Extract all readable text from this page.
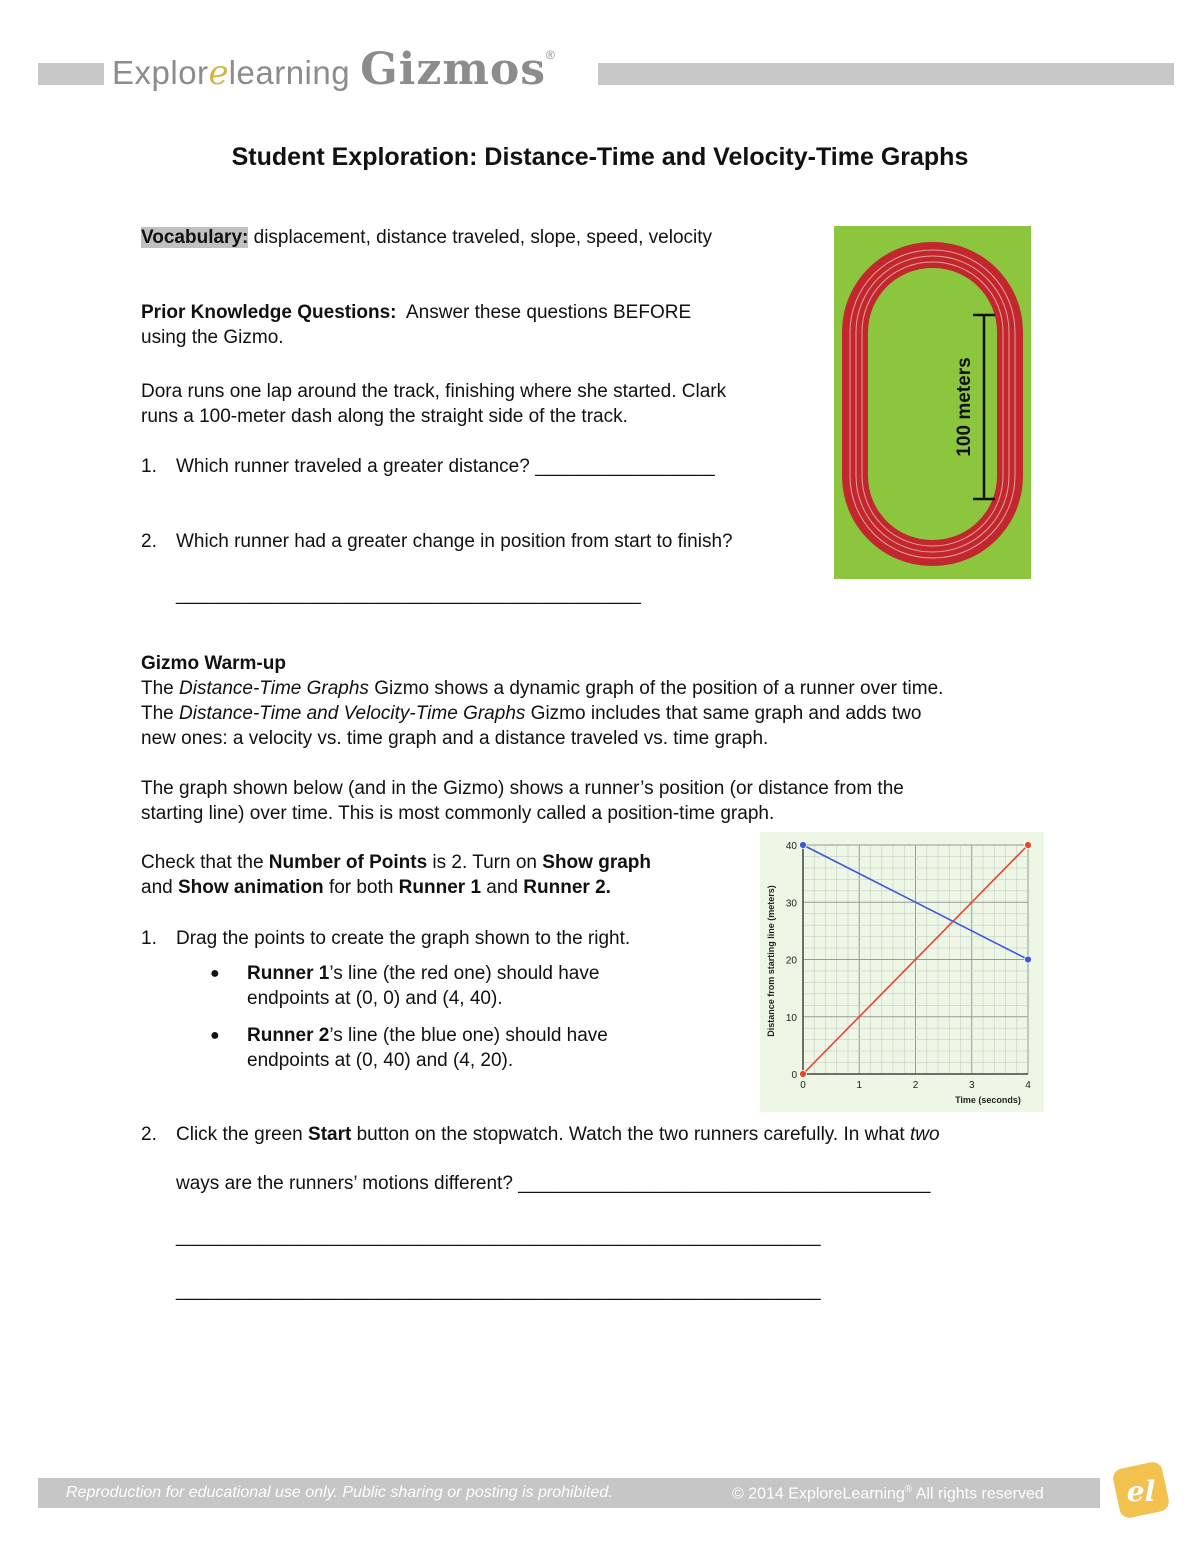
Explor e learning Gizmos ®
Student Exploration: Distance-Time and Velocity-Time Graphs
Vocabulary: displacement, distance traveled, slope, speed, velocity
Prior Knowledge Questions: Answer these questions BEFORE
using the Gizmo.
Dora runs one lap around the track, finishing where she started. Clark
runs a 100-meter dash along the straight side of the track.
1.	Which runner traveled a greater distance? _________________
2.	Which runner had a greater change in position from start to finish?
____________________________________________
100 meters
Gizmo Warm-up
The Distance-Time Graphs Gizmo shows a dynamic graph of the position of a runner over time.
The Distance-Time and Velocity-Time Graphs Gizmo includes that same graph and adds two
new ones: a velocity vs. time graph and a distance traveled vs. time graph.
The graph shown below (and in the Gizmo) shows a runner’s position (or distance from the
starting line) over time. This is most commonly called a position-time graph.
Check that the Number of Points is 2. Turn on Show graph
and Show animation for both Runner 1 and Runner 2.
1.	Drag the points to create the graph shown to the right.
● Runner 1’s line (the red one) should have
endpoints at (0, 0) and (4, 40).
● Runner 2’s line (the blue one) should have
endpoints at (0, 40) and (4, 20).
0	1	2	3	4
0
10
20
30
40
Time (seconds)
Distance from starting line (meters)
2.	Click the green Start button on the stopwatch. Watch the two runners carefully. In what two
ways are the runners’ motions different? _______________________________________
_____________________________________________________________
_____________________________________________________________
Reproduction for educational use only. Public sharing or posting is prohibited.	© 2014 ExploreLearning® All rights reserved	el
